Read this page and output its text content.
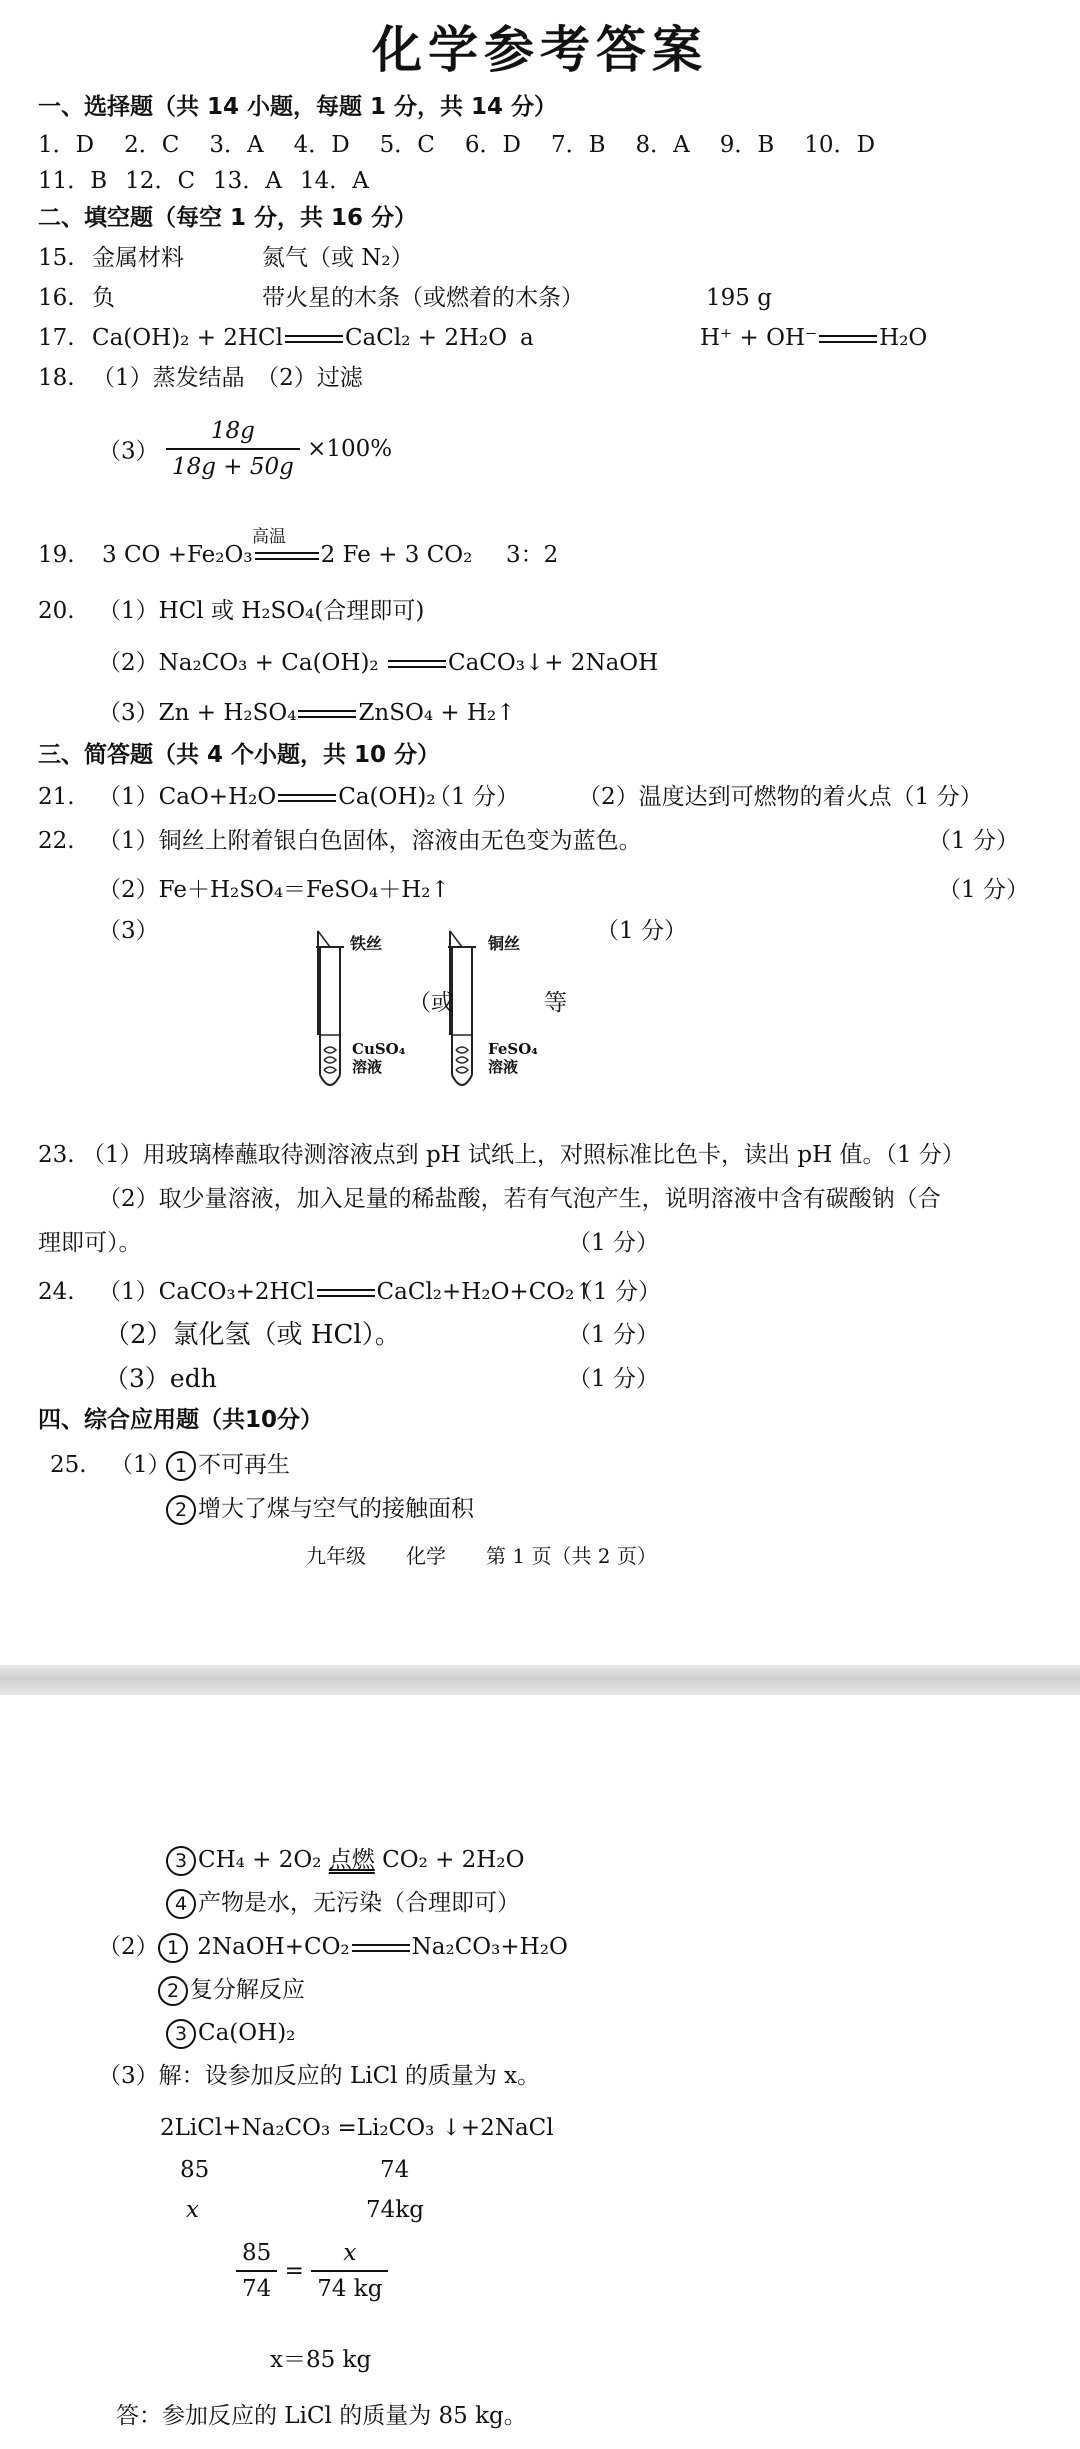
化学参考答案
一、选择题（共 14 小题，每题 1 分，共 14 分）
1．D 2．C 3．A 4．D 5．C 6．D 7．B 8．A 9．B 10．D
11．B 12．C 13．A 14．A
二、填空题（每空 1 分，共 16 分）
15. 金属材料	氮气（或 N₂）
16. 负	带火星的木条（或燃着的木条）	195 g
17. Ca(OH)₂ + 2HCl	CaCl₂ + 2H₂O a	H⁺ + OH⁻	H₂O
18. （1）蒸发结晶　（2）过滤
$(3) \frac{18g}{18g + 50g} \times 100\%$
19. 3 CO +Fe₂O₃	2 Fe + 3 CO₂
高温
3：2
20. （1）HCl 或 H₂SO₄(合理即可)
（2）Na₂CO₃ + Ca(OH)₂	CaCO₃↓+ 2NaOH
（3）Zn + H₂SO₄	ZnSO₄ + H₂↑
三、简答题（共 4 个小题，共 10 分）
21. （1）CaO+H₂O	Ca(OH)₂
（1 分）	（2）温度达到可燃物的着火点（1 分）
22. （1）铜丝上附着银白色固体，溶液由无色变为蓝色。	（1 分）
（2）Fe＋H₂SO₄＝FeSO₄＋H₂↑	（1 分）
（3）	（1 分）
铁丝
CuSO₄
溶液
（或
铜丝
FeSO₄
溶液
等
23. （1）用玻璃棒蘸取待测溶液点到 pH 试纸上，对照标准比色卡，读出 pH 值。（1 分）
（2）取少量溶液，加入足量的稀盐酸，若有气泡产生，说明溶液中含有碳酸钠（合
理即可）。	（1 分）
24. （1）CaCO₃+2HCl	CaCl₂+H₂O+CO₂↑
（1 分）
（2）氯化氢（或 HCl）。	（1 分）
（3）edh	（1 分）
四、综合应用题（共10分）
25. （1） 1 不可再生
2 增大了煤与空气的接触面积
九年级　　化学　　第 1 页（共 2 页）
3 CH₄ + 2O₂ 点燃 CO₂ + 2H₂O
4 产物是水，无污染（合理即可）
（2） 1 2NaOH+CO₂	Na₂CO₃+H₂O
2 复分解反应
3 Ca(OH)₂
（3）解：设参加反应的 LiCl 的质量为 x。
2LiCl+Na₂CO₃ =Li₂CO₃ ↓+2NaCl
85	74
x	74kg
$\frac{85}{74} = \frac{x}{74 kg}$
x＝85 kg
答：参加反应的 LiCl 的质量为 85 kg。
